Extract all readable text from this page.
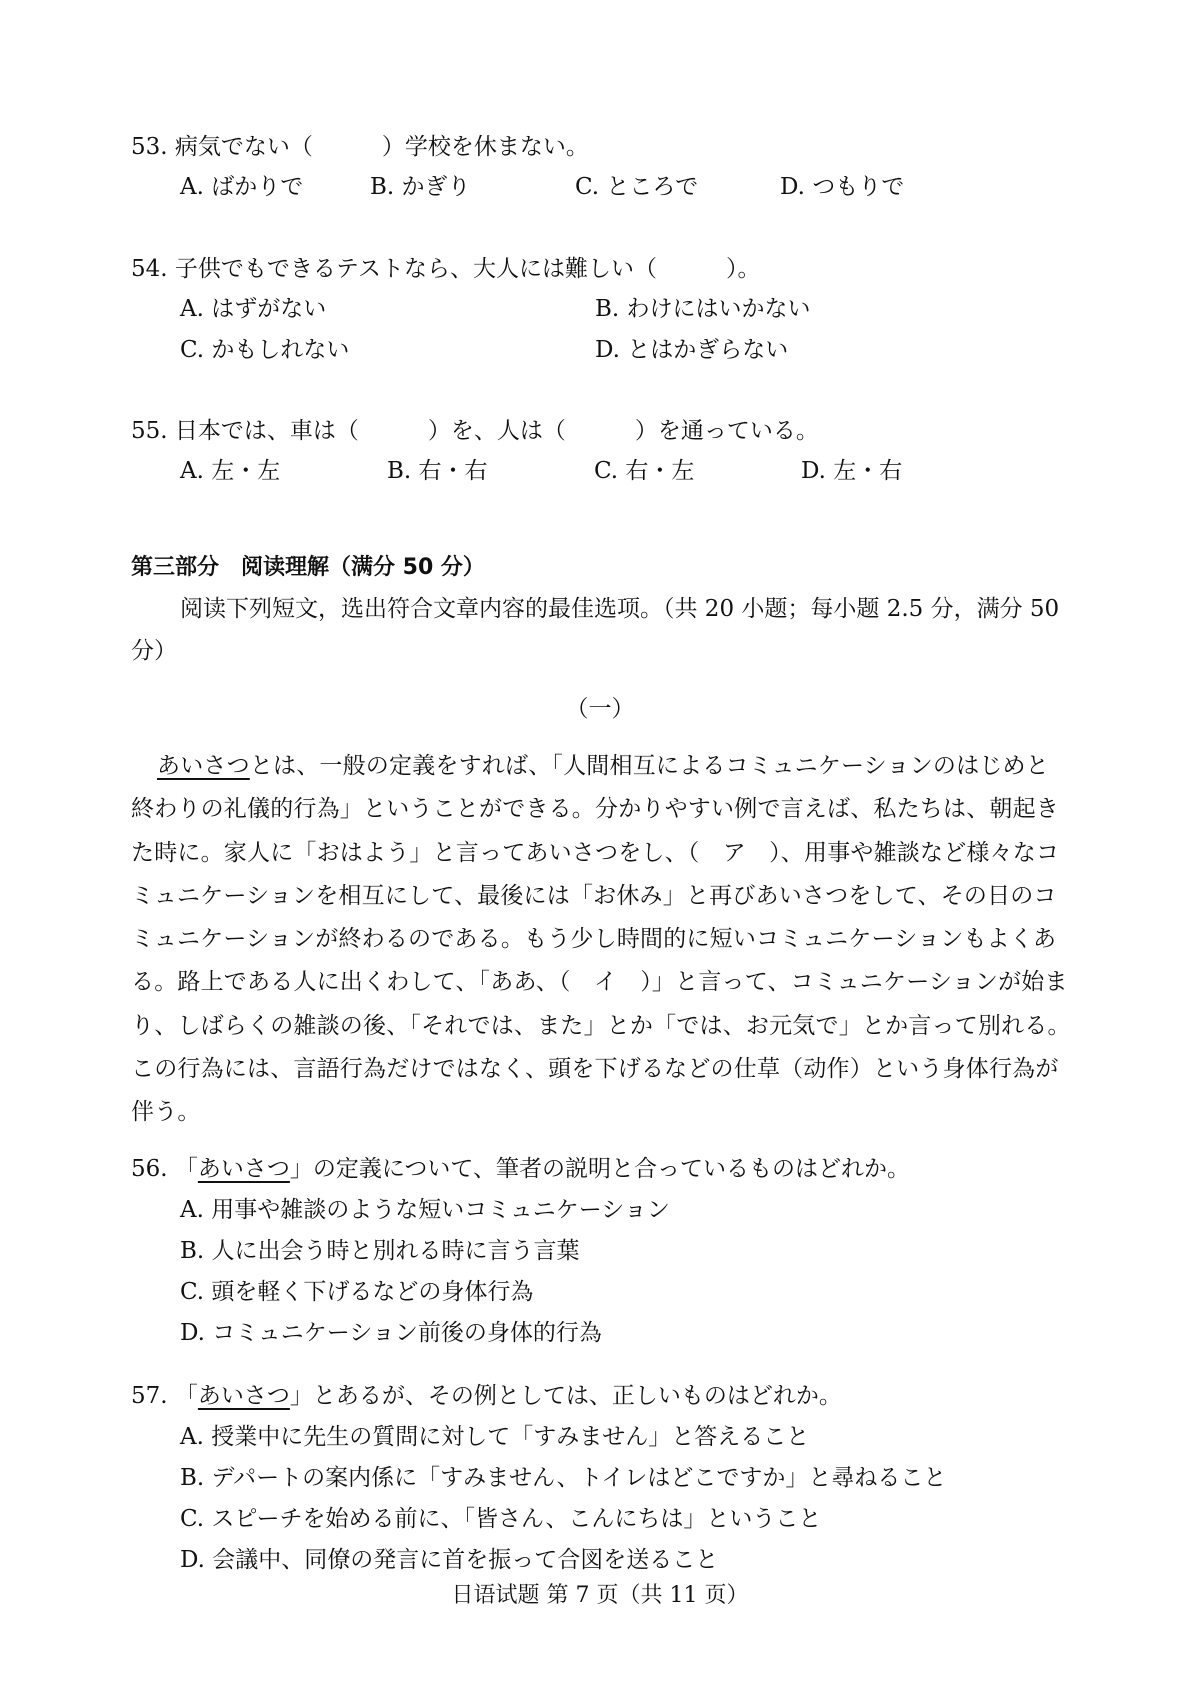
53. 病気でない（　　　）学校を休まない。
A. ばかりで	B. かぎり	C. ところで	D. つもりで
54. 子供でもできるテストなら、大人には難しい（　　　）。
A. はずがない	B. わけにはいかない
C. かもしれない	D. とはかぎらない
55. 日本では、車は（　　　）を、人は（　　　）を通っている。
A. 左・左	B. 右・右	C. 右・左	D. 左・右
第三部分　阅读理解（满分 50 分）
阅读下列短文，选出符合文章内容的最佳选项。（共 20 小题；每小题 2.5 分，满分 50 分）
（一）
あいさつとは、一般の定義をすれば、「人間相互によるコミュニケーションのはじめと終わりの礼儀的行為」ということができる。分かりやすい例で言えば、私たちは、朝起きた時に。家人に「おはよう」と言ってあいさつをし、（　ア　）、用事や雑談など様々なコミュニケーションを相互にして、最後には「お休み」と再びあいさつをして、その日のコミュニケーションが終わるのである。もう少し時間的に短いコミュニケーションもよくある。路上である人に出くわして、「ああ、（　イ　）」と言って、コミュニケーションが始まり、しばらくの雑談の後、「それでは、また」とか「では、お元気で」とか言って別れる。この行為には、言語行為だけではなく、頭を下げるなどの仕草（动作）という身体行為が伴う。
56. 「あいさつ」の定義について、筆者の説明と合っているものはどれか。
A. 用事や雑談のような短いコミュニケーション
B. 人に出会う時と別れる時に言う言葉
C. 頭を軽く下げるなどの身体行為
D. コミュニケーション前後の身体的行為
57. 「あいさつ」とあるが、その例としては、正しいものはどれか。
A. 授業中に先生の質問に対して「すみません」と答えること
B. デパートの案内係に「すみません、トイレはどこですか」と尋ねること
C. スピーチを始める前に、「皆さん、こんにちは」ということ
D. 会議中、同僚の発言に首を振って合図を送ること
日语试题 第 7 页（共 11 页）
